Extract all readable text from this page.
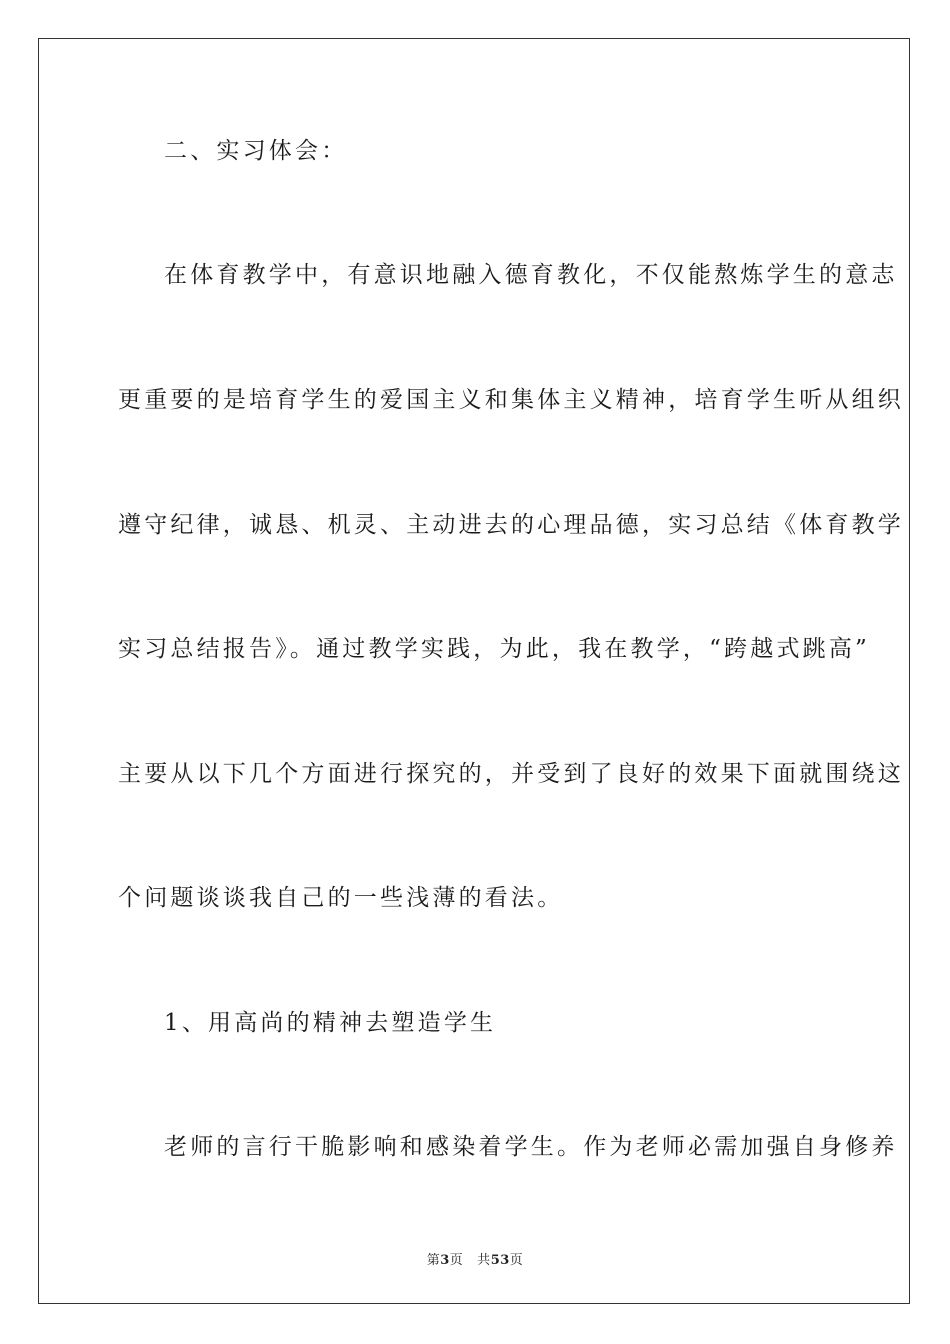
二、实习体会：
在体育教学中，有意识地融入德育教化，不仅能熬炼学生的意志
更重要的是培育学生的爱国主义和集体主义精神，培育学生听从组织
遵守纪律，诚恳、机灵、主动进去的心理品德，实习总结《体育教学
实习总结报告》。通过教学实践，为此，我在教学，“跨越式跳高”
主要从以下几个方面进行探究的，并受到了良好的效果下面就围绕这
个问题谈谈我自己的一些浅薄的看法。
1、用高尚的精神去塑造学生
老师的言行干脆影响和感染着学生。作为老师必需加强自身修养
第3页 共53页
